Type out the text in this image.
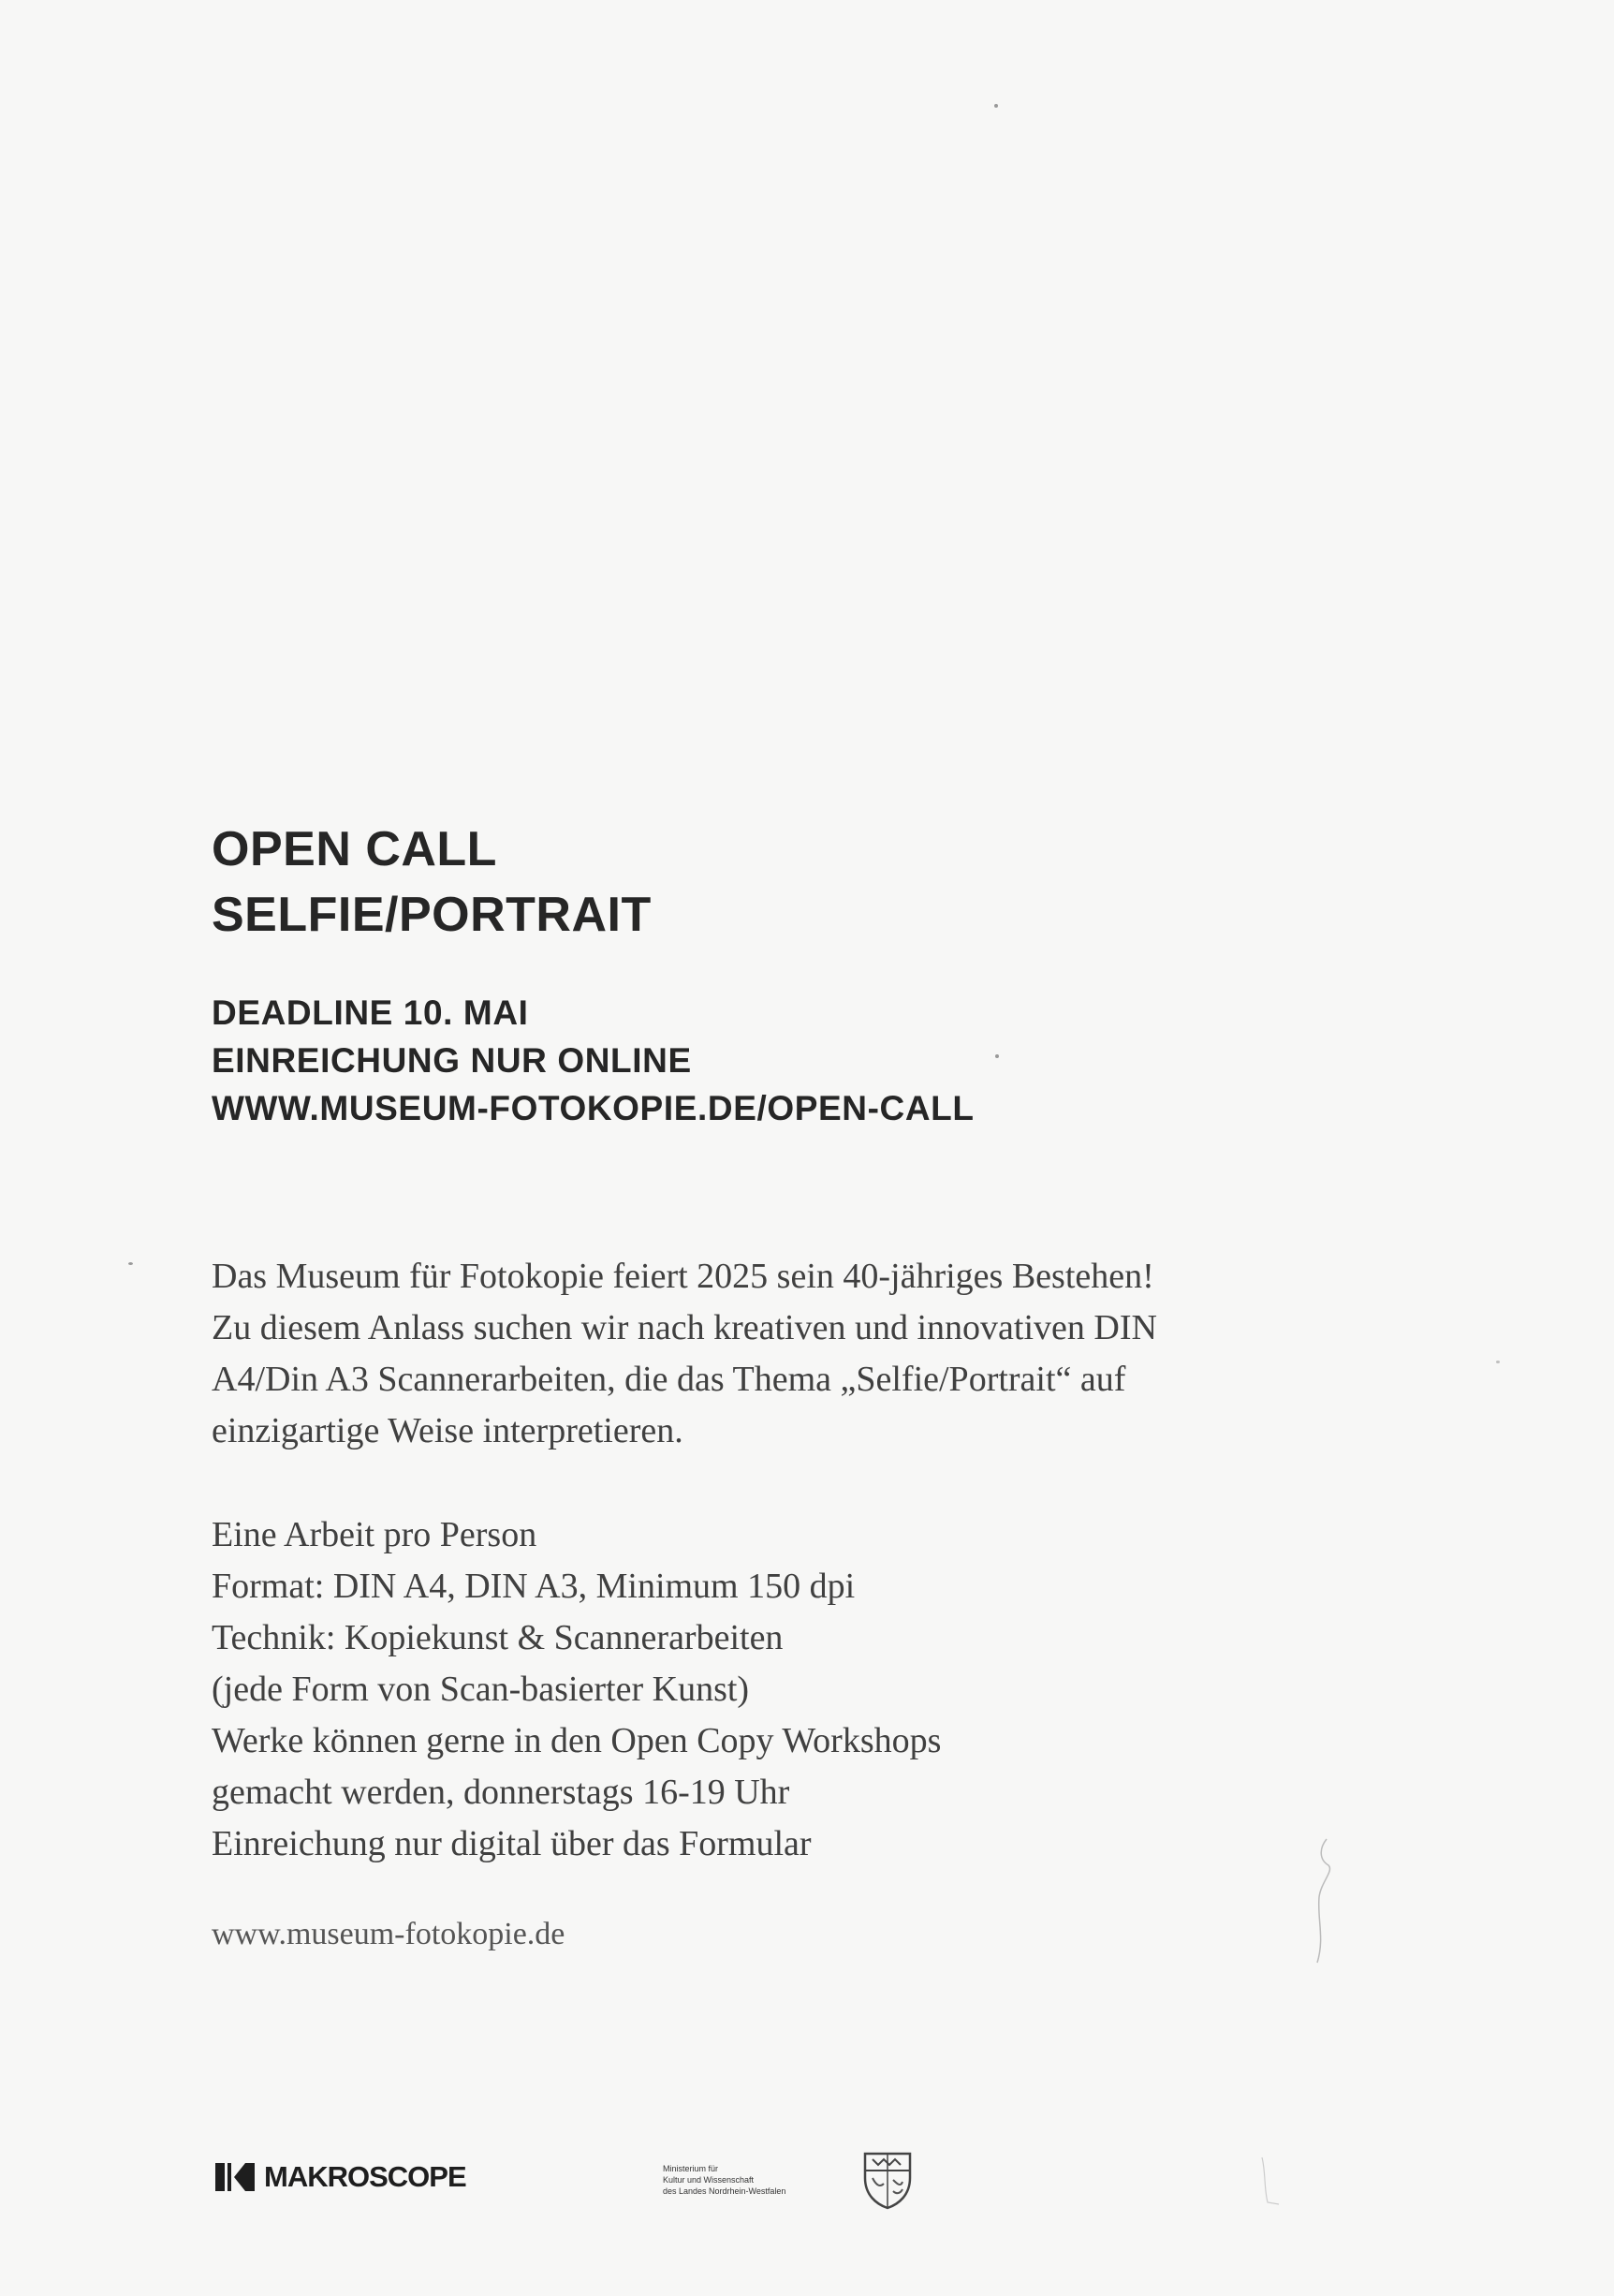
OPEN CALL
SELFIE/PORTRAIT
DEADLINE 10. MAI
EINREICHUNG NUR ONLINE
WWW.MUSEUM-FOTOKOPIE.DE/OPEN-CALL
Das Museum für Fotokopie feiert 2025 sein 40-jähriges Bestehen!
Zu diesem Anlass suchen wir nach kreativen und innovativen DIN
A4/Din A3 Scannerarbeiten, die das Thema „Selfie/Portrait“ auf
einzigartige Weise interpretieren.
Eine Arbeit pro Person
Format: DIN A4, DIN A3, Minimum 150 dpi
Technik: Kopiekunst & Scannerarbeiten
(jede Form von Scan-basierter Kunst)
Werke können gerne in den Open Copy Workshops
gemacht werden, donnerstags 16-19 Uhr
Einreichung nur digital über das Formular
www.museum-fotokopie.de
MAKROSCOPE	Ministerium für
Kultur und Wissenschaft
des Landes Nordrhein-Westfalen
